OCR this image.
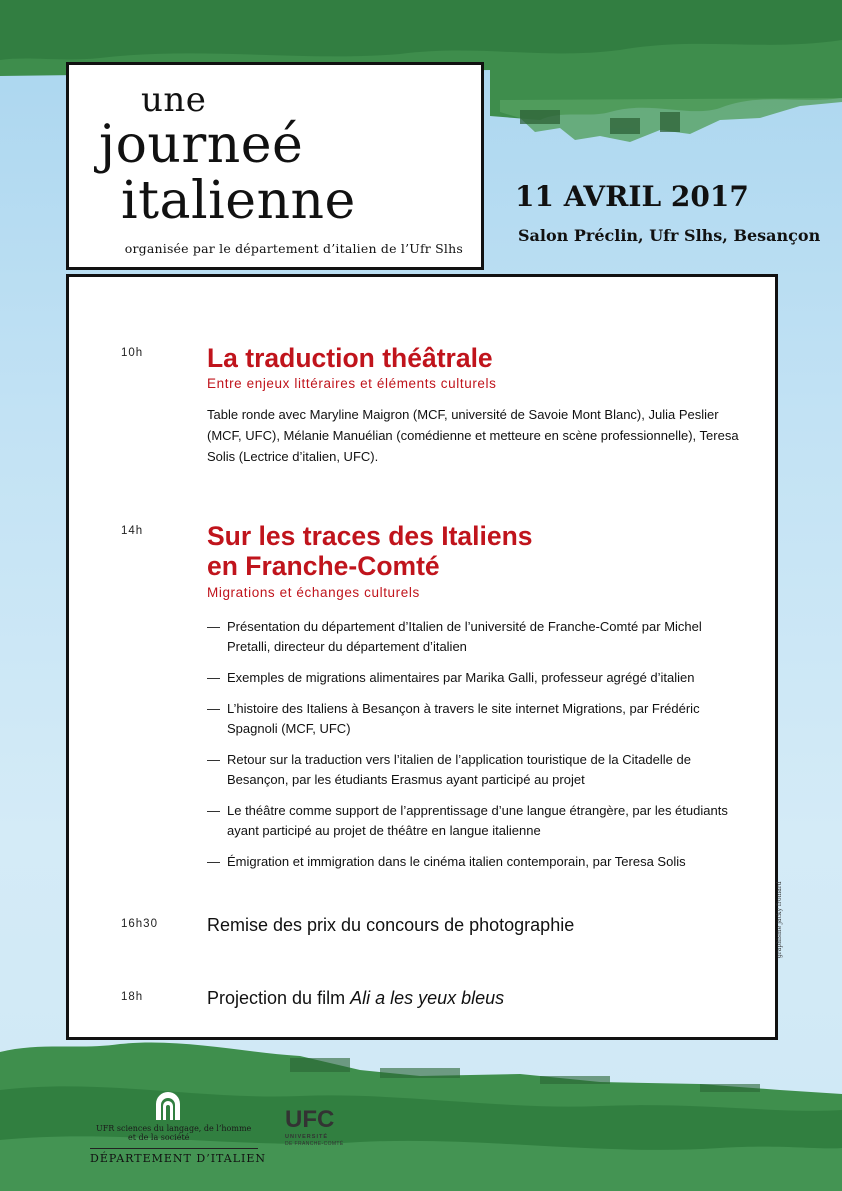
une
journeé
italienne
organisée par le département d’italien de l’Ufr Slhs
11 AVRIL 2017
Salon Préclin, Ufr Slhs, Besançon
10h La traduction théâtrale
Entre enjeux littéraires et éléments culturels
Table ronde avec Maryline Maigron (MCF, université de Savoie Mont Blanc), Julia Peslier (MCF, UFC), Mélanie Manuélian (comédienne et metteure en scène professionnelle), Teresa Solis (Lectrice d’italien, UFC).
14h Sur les traces des Italiens
en Franche-Comté
Migrations et échanges culturels
— Présentation du département d’Italien de l’université de Franche-Comté par Michel Pretalli, directeur du département d’italien
— Exemples de migrations alimentaires par Marika Galli, professeur agrégé d’italien
— L’histoire des Italiens à Besançon à travers le site internet Migrations, par Frédéric Spagnoli (MCF, UFC)
— Retour sur la traduction vers l’italien de l’application touristique de la Citadelle de Besançon, par les étudiants Erasmus ayant participé au projet
— Le théâtre comme support de l’apprentissage d’une langue étrangère, par les étudiants ayant participé au projet de théâtre en langue italienne
— Émigration et immigration dans le cinéma italien contemporain, par Teresa Solis
16h30	Remise des prix du concours de photographie
18h	Projection du film Ali a les yeux bleus
graphisme jacky fromard
UFR sciences du langage, de l’homme
et de la société
DÉPARTEMENT D’ITALIEN
UFC
UNIVERSITÉ
DE FRANCHE-COMTÉ
